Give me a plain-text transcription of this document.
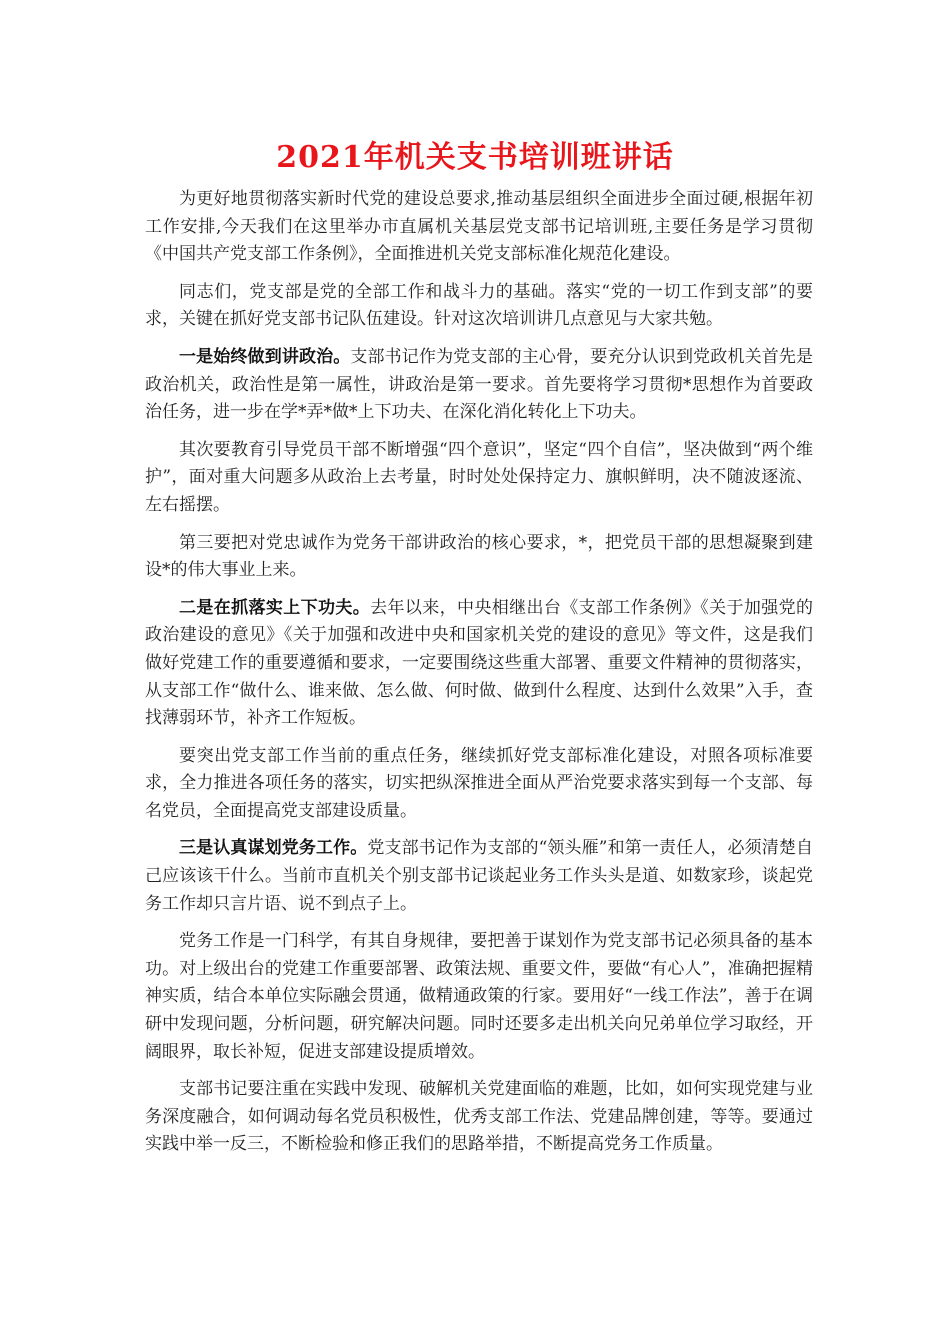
2021年机关支书培训班讲话

为更好地贯彻落实新时代党的建设总要求,推动基层组织全面进步全面过硬,根据年初工作安排,今天我们在这里举办市直属机关基层党支部书记培训班,主要任务是学习贯彻《中国共产党支部工作条例》，全面推进机关党支部标准化规范化建设。

同志们，党支部是党的全部工作和战斗力的基础。落实“党的一切工作到支部”的要求，关键在抓好党支部书记队伍建设。针对这次培训讲几点意见与大家共勉。

一是始终做到讲政治。支部书记作为党支部的主心骨，要充分认识到党政机关首先是政治机关，政治性是第一属性，讲政治是第一要求。首先要将学习贯彻*思想作为首要政治任务，进一步在学*弄*做*上下功夫、在深化消化转化上下功夫。

其次要教育引导党员干部不断增强“四个意识”，坚定“四个自信”，坚决做到“两个维护”，面对重大问题多从政治上去考量，时时处处保持定力、旗帜鲜明，决不随波逐流、左右摇摆。

第三要把对党忠诚作为党务干部讲政治的核心要求，*，把党员干部的思想凝聚到建设*的伟大事业上来。

二是在抓落实上下功夫。去年以来，中央相继出台《支部工作条例》《关于加强党的政治建设的意见》《关于加强和改进中央和国家机关党的建设的意见》等文件，这是我们做好党建工作的重要遵循和要求，一定要围绕这些重大部署、重要文件精神的贯彻落实，从支部工作“做什么、谁来做、怎么做、何时做、做到什么程度、达到什么效果”入手，查找薄弱环节，补齐工作短板。

要突出党支部工作当前的重点任务，继续抓好党支部标准化建设，对照各项标准要求，全力推进各项任务的落实，切实把纵深推进全面从严治党要求落实到每一个支部、每名党员，全面提高党支部建设质量。

三是认真谋划党务工作。党支部书记作为支部的“领头雁”和第一责任人，必须清楚自己应该该干什么。当前市直机关个别支部书记谈起业务工作头头是道、如数家珍，谈起党务工作却只言片语、说不到点子上。

党务工作是一门科学，有其自身规律，要把善于谋划作为党支部书记必须具备的基本功。对上级出台的党建工作重要部署、政策法规、重要文件，要做“有心人”，准确把握精神实质，结合本单位实际融会贯通，做精通政策的行家。要用好“一线工作法”，善于在调研中发现问题，分析问题，研究解决问题。同时还要多走出机关向兄弟单位学习取经，开阔眼界，取长补短，促进支部建设提质增效。

支部书记要注重在实践中发现、破解机关党建面临的难题，比如，如何实现党建与业务深度融合，如何调动每名党员积极性，优秀支部工作法、党建品牌创建，等等。要通过实践中举一反三，不断检验和修正我们的思路举措，不断提高党务工作质量。
